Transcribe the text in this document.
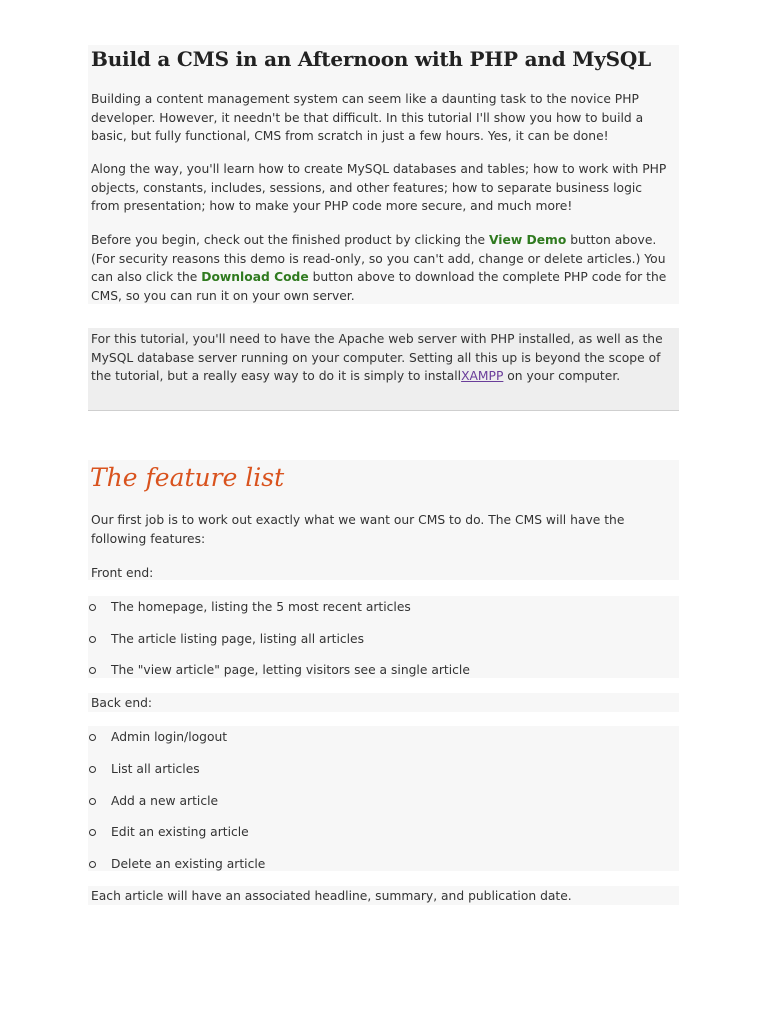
Build a CMS in an Afternoon with PHP and MySQL

Building a content management system can seem like a daunting task to the novice PHP developer. However, it needn't be that difficult. In this tutorial I'll show you how to build a basic, but fully functional, CMS from scratch in just a few hours. Yes, it can be done!

Along the way, you'll learn how to create MySQL databases and tables; how to work with PHP objects, constants, includes, sessions, and other features; how to separate business logic from presentation; how to make your PHP code more secure, and much more!

Before you begin, check out the finished product by clicking the View Demo button above. (For security reasons this demo is read-only, so you can't add, change or delete articles.) You can also click the Download Code button above to download the complete PHP code for the CMS, so you can run it on your own server.

For this tutorial, you'll need to have the Apache web server with PHP installed, as well as the MySQL database server running on your computer. Setting all this up is beyond the scope of the tutorial, but a really easy way to do it is simply to installXAMPP on your computer.

The feature list

Our first job is to work out exactly what we want our CMS to do. The CMS will have the following features:

Front end:

The homepage, listing the 5 most recent articles
The article listing page, listing all articles
The "view article" page, letting visitors see a single article

Back end:

Admin login/logout
List all articles
Add a new article
Edit an existing article
Delete an existing article

Each article will have an associated headline, summary, and publication date.
